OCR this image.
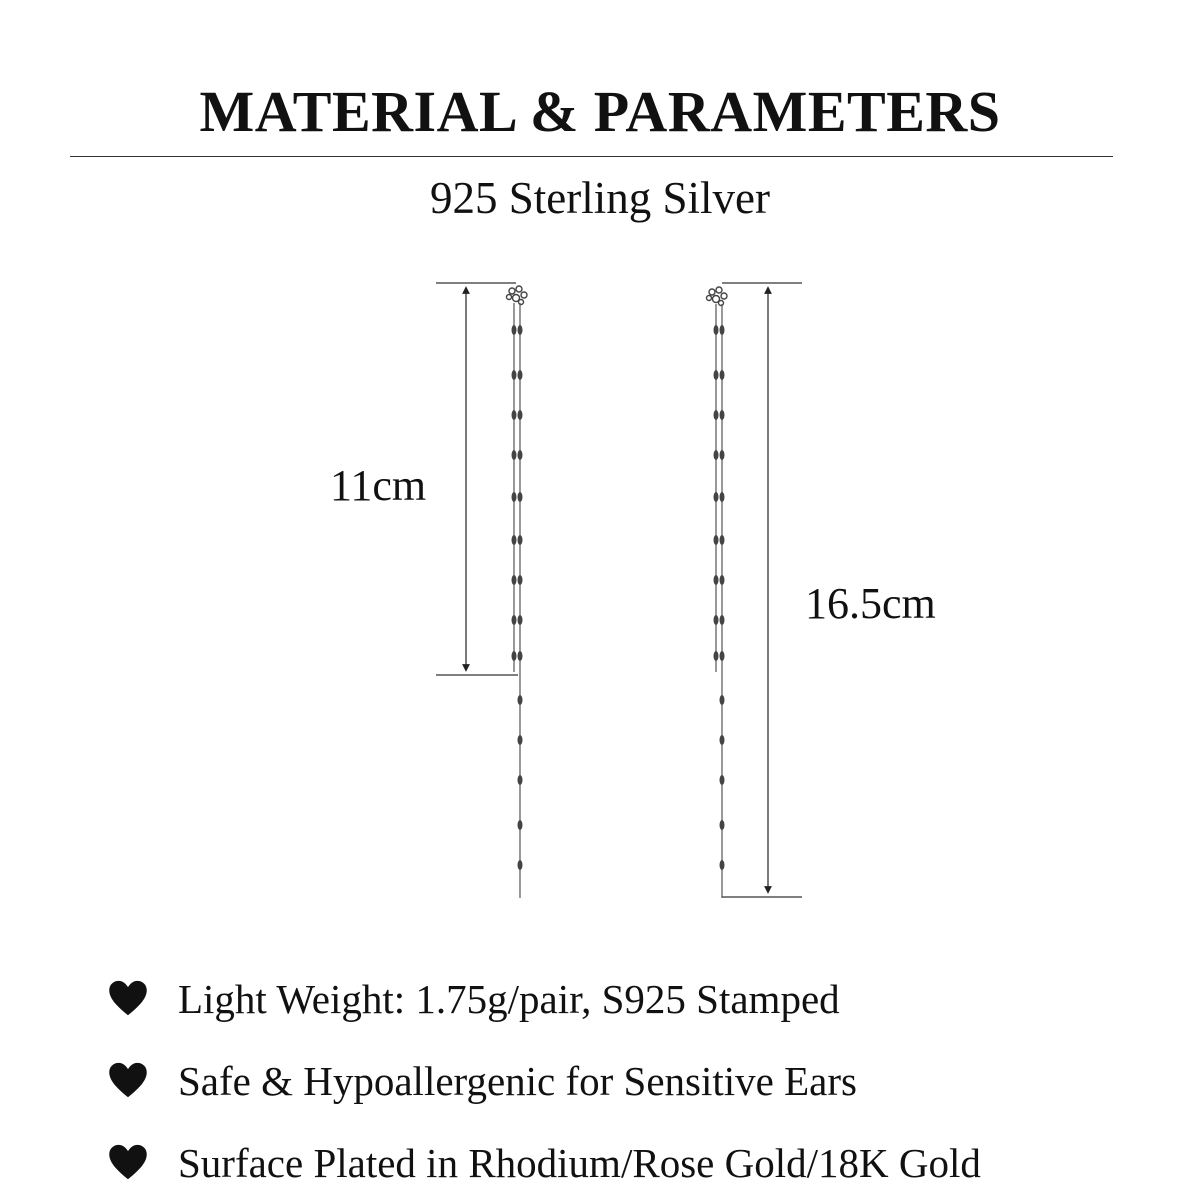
MATERIAL & PARAMETERS
925 Sterling Silver
11cm
16.5cm
Light Weight: 1.75g/pair, S925 Stamped
Safe & Hypoallergenic for Sensitive Ears
Surface Plated in Rhodium/Rose Gold/18K Gold
